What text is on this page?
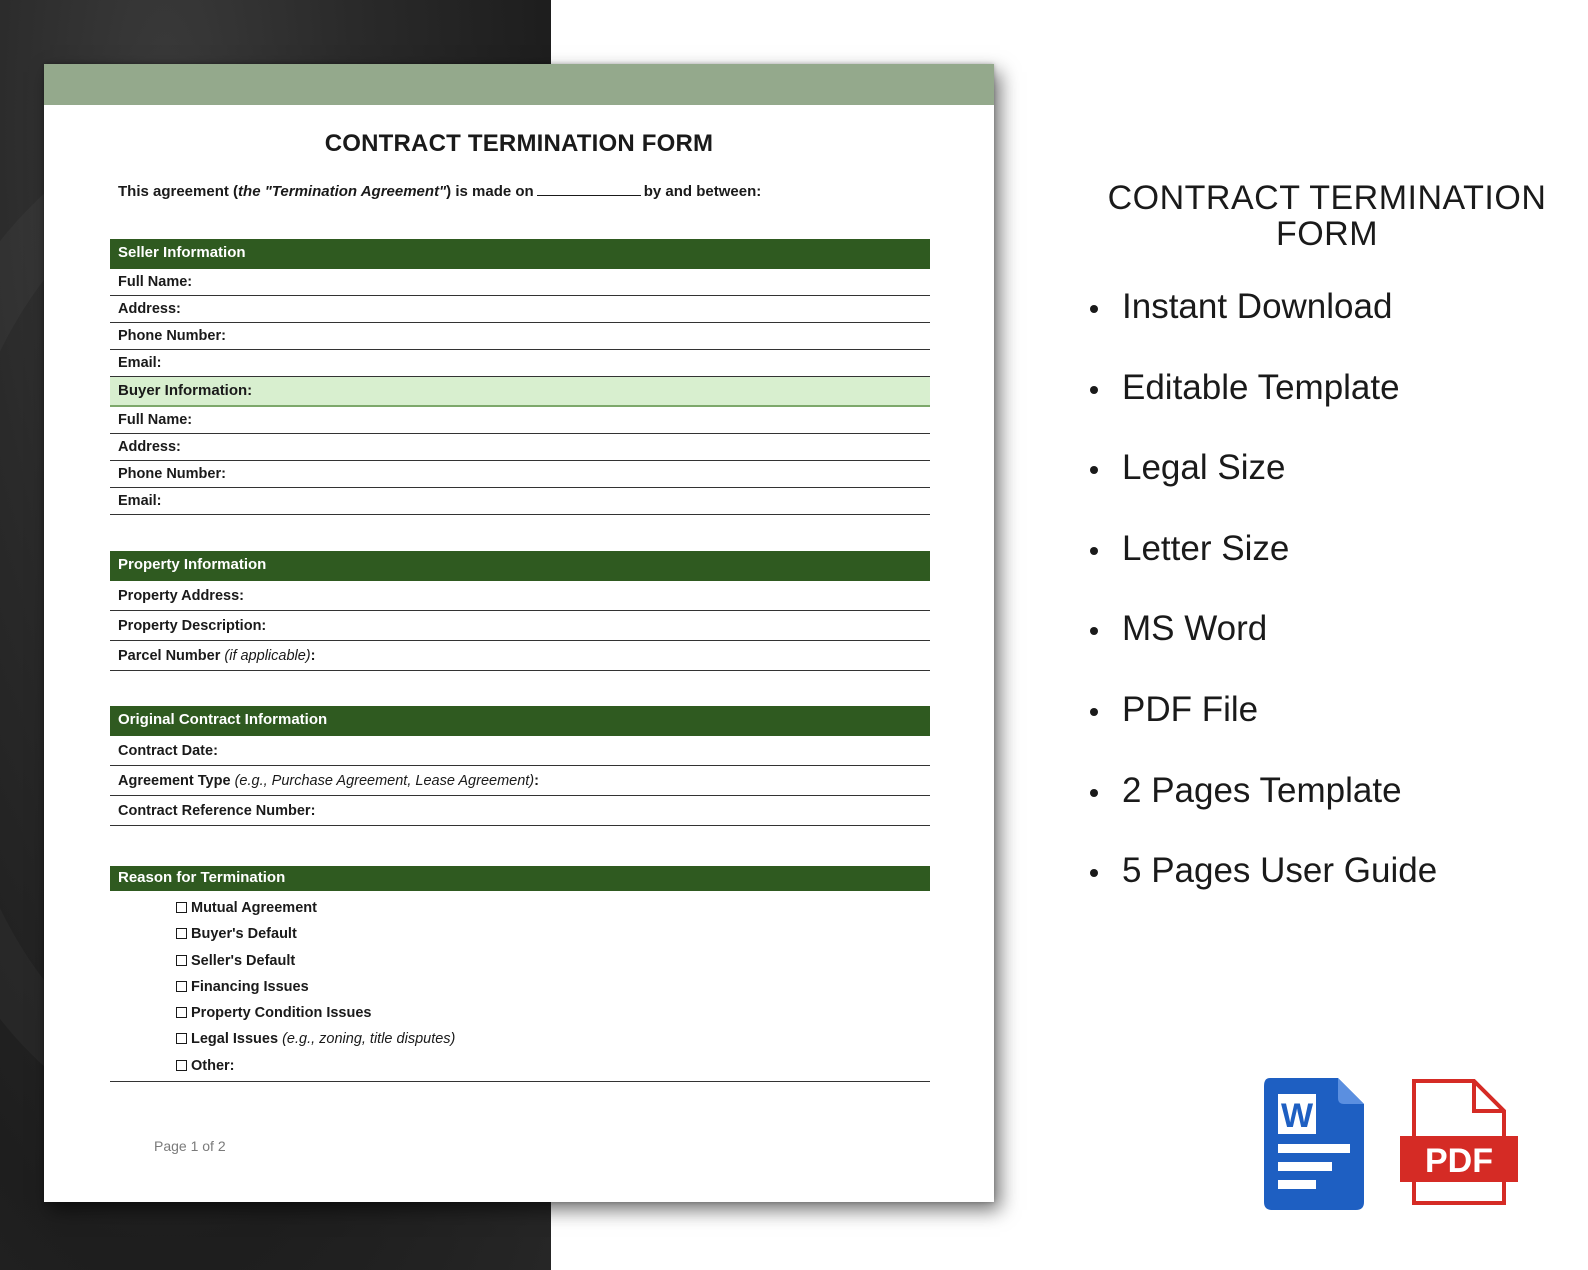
CONTRACT TERMINATION FORM
This agreement (the "Termination Agreement") is made on	by and between:
Seller Information
Full Name:
Address:
Phone Number:
Email:
Buyer Information:
Full Name:
Address:
Phone Number:
Email:
Property Information
Property Address:
Property Description:
Parcel Number (if applicable):
Original Contract Information
Contract Date:
Agreement Type (e.g., Purchase Agreement, Lease Agreement):
Contract Reference Number:
Reason for Termination
Mutual Agreement
Buyer's Default
Seller's Default
Financing Issues
Property Condition Issues
Legal Issues (e.g., zoning, title disputes)
Other:
Page 1 of 2
CONTRACT TERMINATION FORM
Instant Download
Editable Template
Legal Size
Letter Size
MS Word
PDF File
2 Pages Template
5 Pages User Guide
W
PDF
